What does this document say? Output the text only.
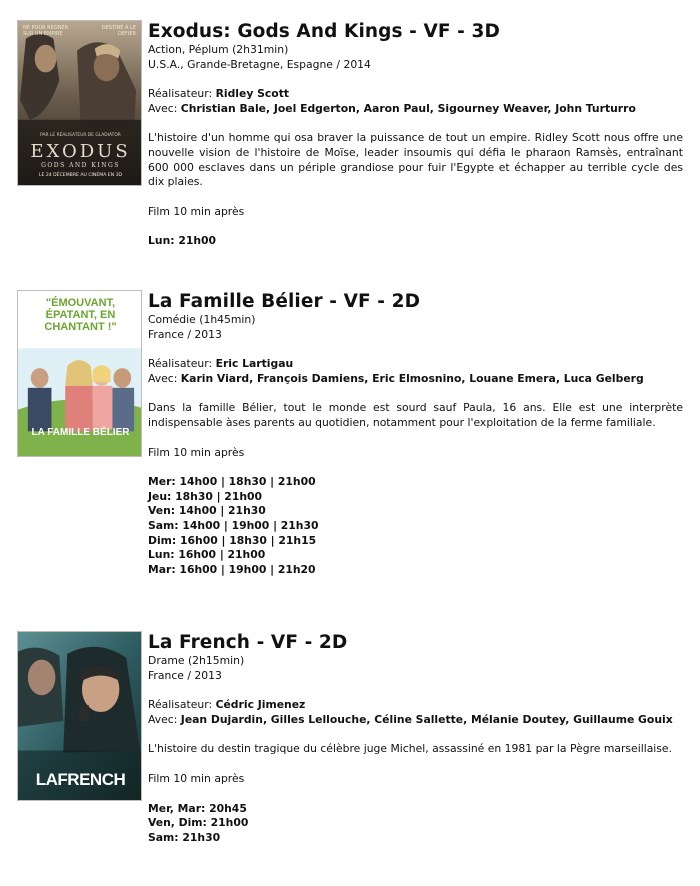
NE POUR REGNER SUR UN EMPIRE
DESTINÉ A LE DÉFIER
PAR LE RÉALISATEUR DE GLADIATOR
EXODUS
GODS AND KINGS
LE 24 DÉCEMBRE AU CINÉMA EN 3D
Exodus: Gods And Kings - VF - 3D

Action, Péplum (2h31min)

U.S.A., Grande-Bretagne, Espagne / 2014

Réalisateur: Ridley Scott

Avec: Christian Bale, Joel Edgerton, Aaron Paul, Sigourney Weaver, John Turturro

L'histoire d'un homme qui osa braver la puissance de tout un empire. Ridley Scott nous offre une nouvelle vision de l'histoire de Moïse, leader insoumis qui défia le pharaon Ramsès, entraînant 600 000 esclaves dans un périple grandiose pour fuir l'Egypte et échapper au terrible cycle des dix plaies.

Film 10 min après

Lun: 21h00

"ÉMOUVANT, ÉPATANT, EN CHANTANT !"
LA FAMILLE BÉLIER
La Famille Bélier - VF - 2D

Comédie (1h45min)

France / 2013

Réalisateur: Eric Lartigau

Avec: Karin Viard, François Damiens, Eric Elmosnino, Louane Emera, Luca Gelberg

Dans la famille Bélier, tout le monde est sourd sauf Paula, 16 ans. Elle est une interprète indispensable àses parents au quotidien, notamment pour l'exploitation de la ferme familiale.

Film 10 min après

Mer: 14h00 | 18h30 | 21h00

Jeu: 18h30 | 21h00

Ven: 14h00 | 21h30

Sam: 14h00 | 19h00 | 21h30

Dim: 16h00 | 18h30 | 21h15

Lun: 16h00 | 21h00

Mar: 16h00 | 19h00 | 21h20

LAFRENCH
La French - VF - 2D

Drame (2h15min)

France / 2013

Réalisateur: Cédric Jimenez

Avec: Jean Dujardin, Gilles Lellouche, Céline Sallette, Mélanie Doutey, Guillaume Gouix

L'histoire du destin tragique du célèbre juge Michel, assassiné en 1981 par la Pègre marseillaise.

Film 10 min après

Mer, Mar: 20h45

Ven, Dim: 21h00

Sam: 21h30
